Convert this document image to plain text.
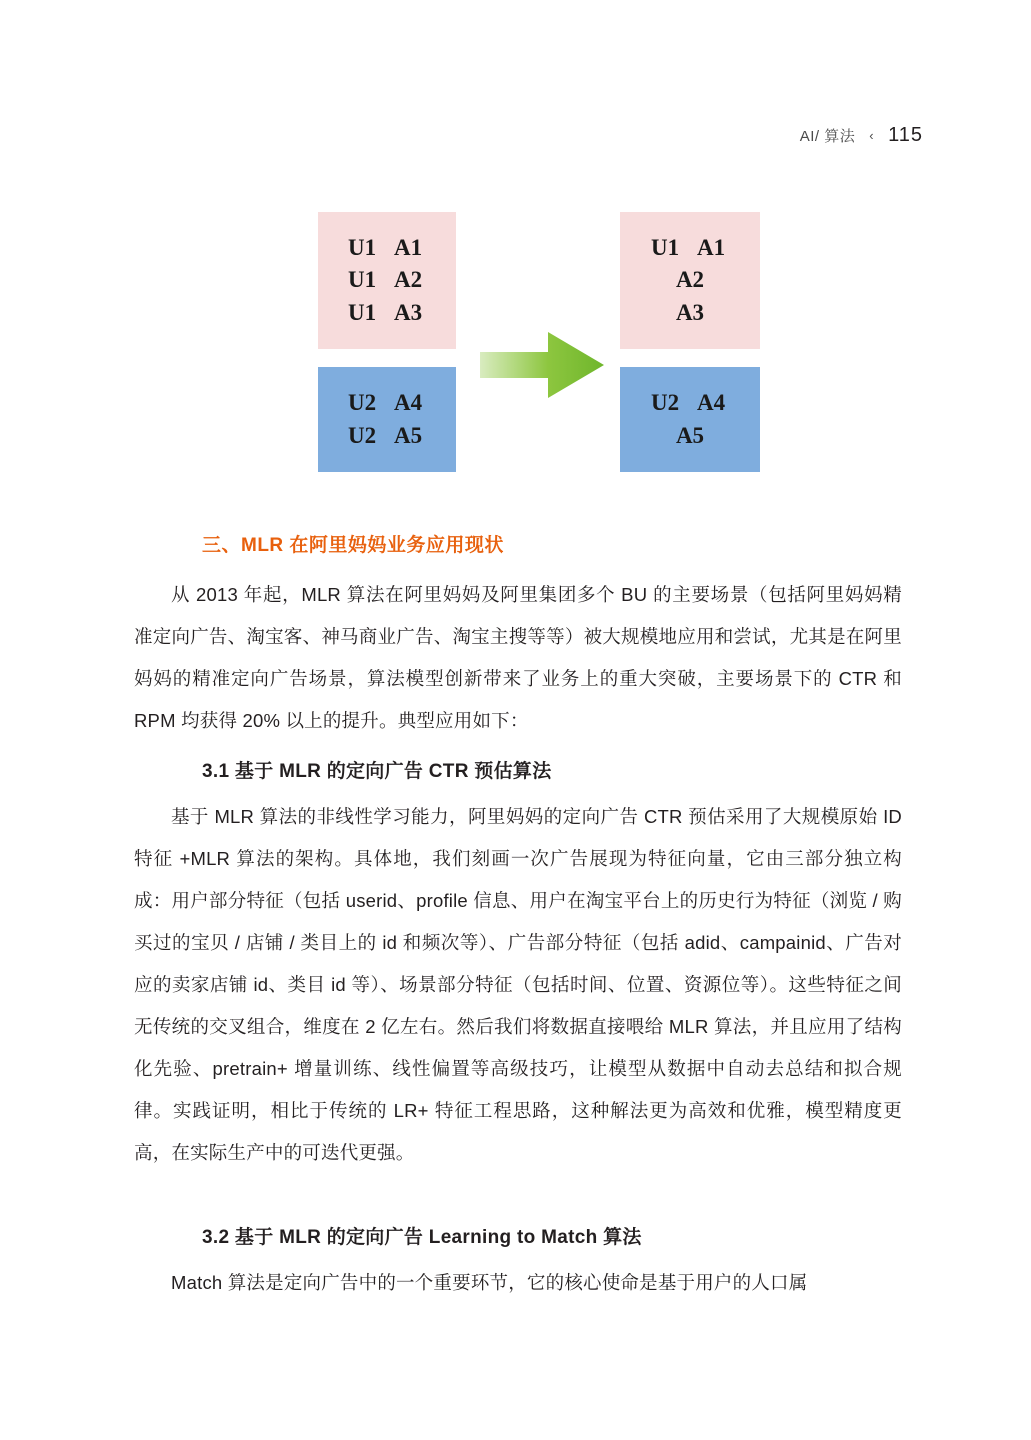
AI/ 算法 ‹ 115
U1 A1
U1 A2
U1 A3
U2 A4
U2 A5
U1 A1
A2
A3
U2 A4
A5
三、MLR 在阿里妈妈业务应用现状

从 2013 年起，MLR 算法在阿里妈妈及阿里集团多个 BU 的主要场景（包括阿里妈妈精准定向广告、淘宝客、神马商业广告、淘宝主搜等等）被大规模地应用和尝试，尤其是在阿里妈妈的精准定向广告场景，算法模型创新带来了业务上的重大突破，主要场景下的 CTR 和 RPM 均获得 20% 以上的提升。典型应用如下：

3.1 基于 MLR 的定向广告 CTR 预估算法

基于 MLR 算法的非线性学习能力，阿里妈妈的定向广告 CTR 预估采用了大规模原始 ID 特征 +MLR 算法的架构。具体地，我们刻画一次广告展现为特征向量，它由三部分独立构成：用户部分特征（包括 userid、profile 信息、用户在淘宝平台上的历史行为特征（浏览 / 购买过的宝贝 / 店铺 / 类目上的 id 和频次等）、广告部分特征（包括 adid、campainid、广告对应的卖家店铺 id、类目 id 等）、场景部分特征（包括时间、位置、资源位等）。这些特征之间无传统的交叉组合，维度在 2 亿左右。然后我们将数据直接喂给 MLR 算法，并且应用了结构化先验、pretrain+ 增量训练、线性偏置等高级技巧，让模型从数据中自动去总结和拟合规律。实践证明，相比于传统的 LR+ 特征工程思路，这种解法更为高效和优雅，模型精度更高，在实际生产中的可迭代更强。

3.2 基于 MLR 的定向广告 Learning to Match 算法

Match 算法是定向广告中的一个重要环节，它的核心使命是基于用户的人口属
